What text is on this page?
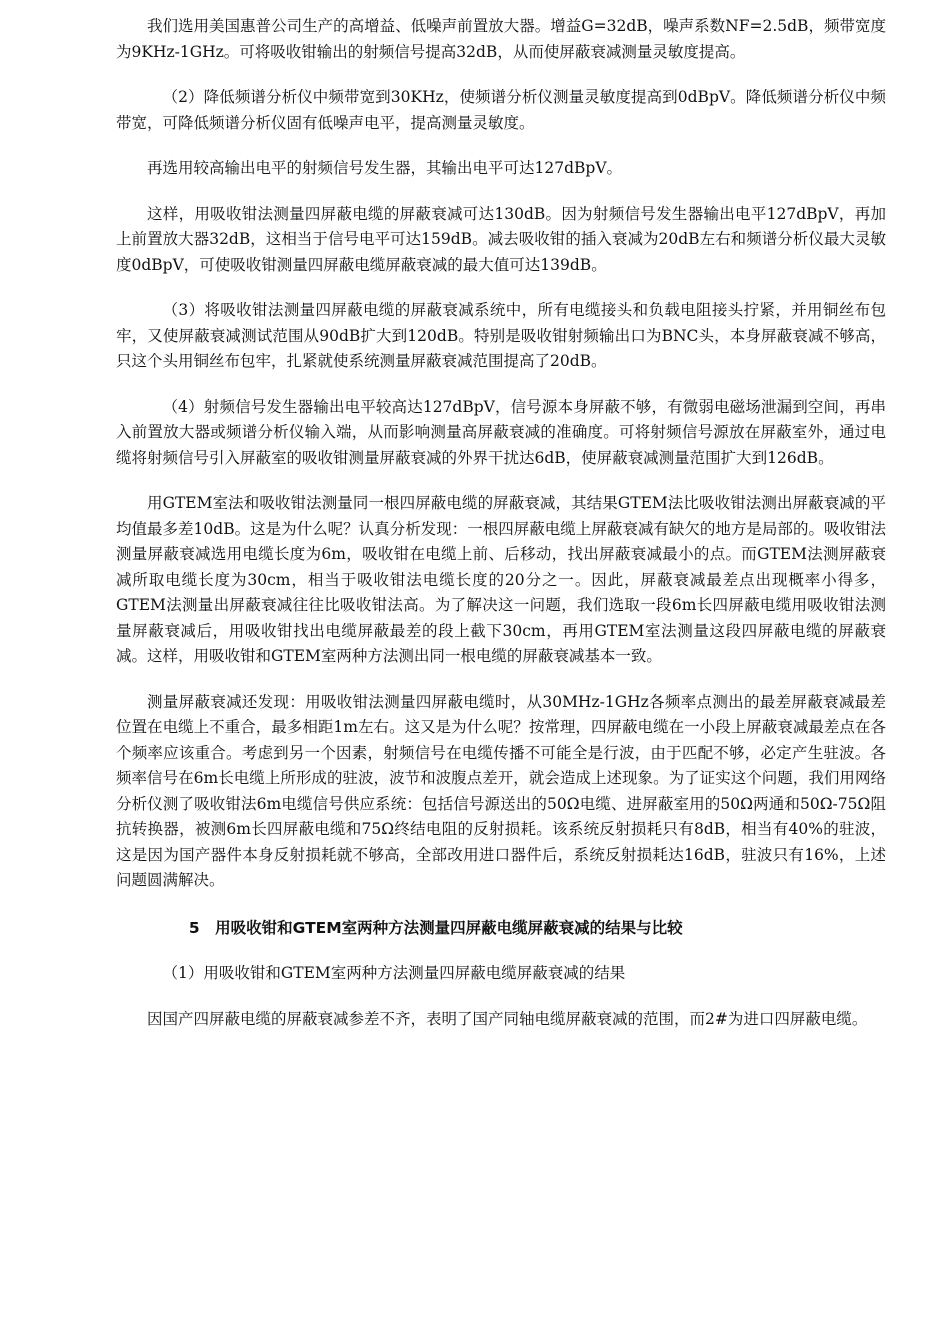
我们选用美国惠普公司生产的高增益、低噪声前置放大器。增益G=32dB，噪声系数NF=2.5dB，频带宽度为9KHz-1GHz。可将吸收钳输出的射频信号提高32dB，从而使屏蔽衰减测量灵敏度提高。

（2）降低频谱分析仪中频带宽到30KHz，使频谱分析仪测量灵敏度提高到0dBpV。降低频谱分析仪中频带宽，可降低频谱分析仪固有低噪声电平，提高测量灵敏度。

再选用较高输出电平的射频信号发生器，其输出电平可达127dBpV。

这样，用吸收钳法测量四屏蔽电缆的屏蔽衰减可达130dB。因为射频信号发生器输出电平127dBpV，再加上前置放大器32dB，这相当于信号电平可达159dB。减去吸收钳的插入衰减为20dB左右和频谱分析仪最大灵敏度0dBpV，可使吸收钳测量四屏蔽电缆屏蔽衰减的最大值可达139dB。

（3）将吸收钳法测量四屏蔽电缆的屏蔽衰减系统中，所有电缆接头和负载电阻接头拧紧，并用铜丝布包牢，又使屏蔽衰减测试范围从90dB扩大到120dB。特别是吸收钳射频输出口为BNC头，本身屏蔽衰减不够高，只这个头用铜丝布包牢，扎紧就使系统测量屏蔽衰减范围提高了20dB。

（4）射频信号发生器输出电平较高达127dBpV，信号源本身屏蔽不够，有微弱电磁场泄漏到空间，再串入前置放大器或频谱分析仪输入端，从而影响测量高屏蔽衰减的准确度。可将射频信号源放在屏蔽室外，通过电缆将射频信号引入屏蔽室的吸收钳测量屏蔽衰减的外界干扰达6dB，使屏蔽衰减测量范围扩大到126dB。

用GTEM室法和吸收钳法测量同一根四屏蔽电缆的屏蔽衰减，其结果GTEM法比吸收钳法测出屏蔽衰减的平均值最多差10dB。这是为什么呢？认真分析发现：一根四屏蔽电缆上屏蔽衰减有缺欠的地方是局部的。吸收钳法测量屏蔽衰减选用电缆长度为6m，吸收钳在电缆上前、后移动，找出屏蔽衰减最小的点。而GTEM法测屏蔽衰减所取电缆长度为30cm，相当于吸收钳法电缆长度的20分之一。因此，屏蔽衰减最差点出现概率小得多，GTEM法测量出屏蔽衰减往往比吸收钳法高。为了解决这一问题，我们选取一段6m长四屏蔽电缆用吸收钳法测量屏蔽衰减后，用吸收钳找出电缆屏蔽最差的段上截下30cm，再用GTEM室法测量这段四屏蔽电缆的屏蔽衰减。这样，用吸收钳和GTEM室两种方法测出同一根电缆的屏蔽衰减基本一致。

测量屏蔽衰减还发现：用吸收钳法测量四屏蔽电缆时，从30MHz-1GHz各频率点测出的最差屏蔽衰减最差位置在电缆上不重合，最多相距1m左右。这又是为什么呢？按常理，四屏蔽电缆在一小段上屏蔽衰减最差点在各个频率应该重合。考虑到另一个因素，射频信号在电缆传播不可能全是行波，由于匹配不够，必定产生驻波。各频率信号在6m长电缆上所形成的驻波，波节和波腹点差开，就会造成上述现象。为了证实这个问题，我们用网络分析仪测了吸收钳法6m电缆信号供应系统：包括信号源送出的50Ω电缆、进屏蔽室用的50Ω两通和50Ω-75Ω阻抗转换器，被测6m长四屏蔽电缆和75Ω终结电阻的反射损耗。该系统反射损耗只有8dB，相当有40%的驻波，这是因为国产器件本身反射损耗就不够高，全部改用进口器件后，系统反射损耗达16dB，驻波只有16%，上述问题圆满解决。

5　用吸收钳和GTEM室两种方法测量四屏蔽电缆屏蔽衰减的结果与比较

（1）用吸收钳和GTEM室两种方法测量四屏蔽电缆屏蔽衰减的结果

因国产四屏蔽电缆的屏蔽衰减参差不齐，表明了国产同轴电缆屏蔽衰减的范围，而2#为进口四屏蔽电缆。
